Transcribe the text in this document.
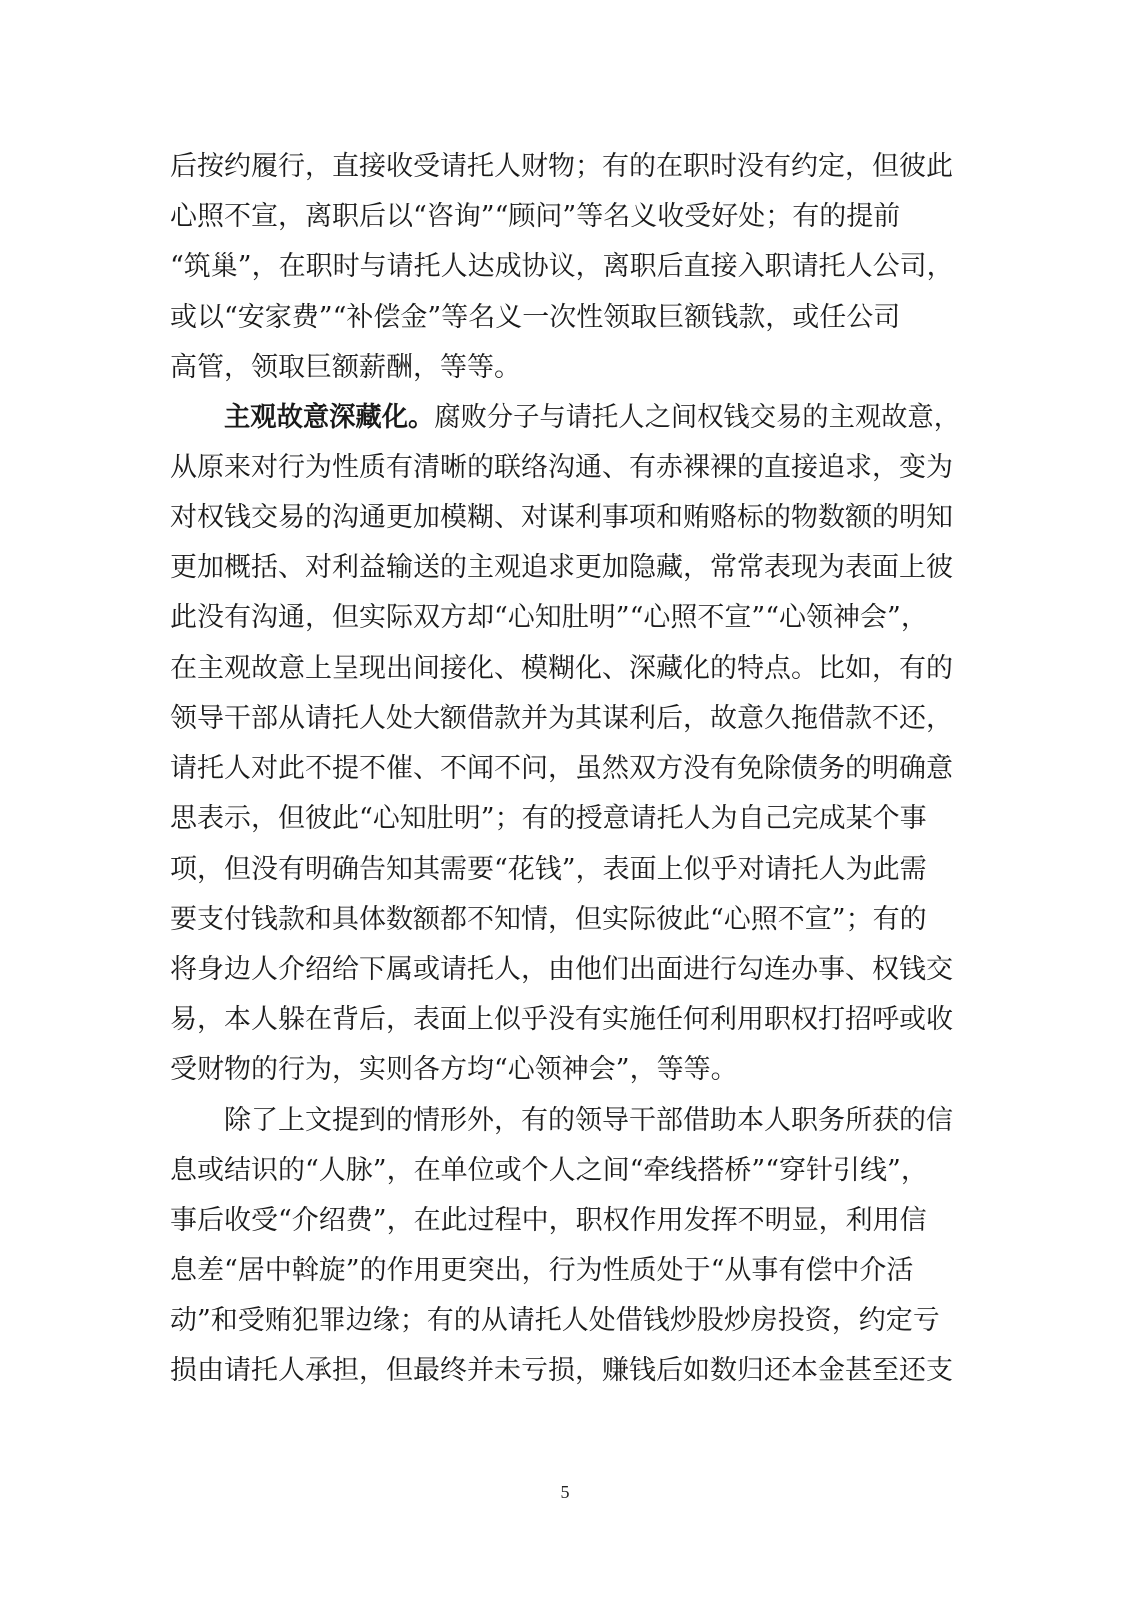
后按约履行，直接收受请托人财物；有的在职时没有约定，但彼此
心照不宣，离职后以“咨询”“顾问”等名义收受好处；有的提前
“筑巢”，在职时与请托人达成协议，离职后直接入职请托人公司，
或以“安家费”“补偿金”等名义一次性领取巨额钱款，或任公司
高管，领取巨额薪酬，等等。
主观故意深藏化。腐败分子与请托人之间权钱交易的主观故意，
从原来对行为性质有清晰的联络沟通、有赤裸裸的直接追求，变为
对权钱交易的沟通更加模糊、对谋利事项和贿赂标的物数额的明知
更加概括、对利益输送的主观追求更加隐藏，常常表现为表面上彼
此没有沟通，但实际双方却“心知肚明”“心照不宣”“心领神会”，
在主观故意上呈现出间接化、模糊化、深藏化的特点。比如，有的
领导干部从请托人处大额借款并为其谋利后，故意久拖借款不还，
请托人对此不提不催、不闻不问，虽然双方没有免除债务的明确意
思表示，但彼此“心知肚明”；有的授意请托人为自己完成某个事
项，但没有明确告知其需要“花钱”，表面上似乎对请托人为此需
要支付钱款和具体数额都不知情，但实际彼此“心照不宣”；有的
将身边人介绍给下属或请托人，由他们出面进行勾连办事、权钱交
易，本人躲在背后，表面上似乎没有实施任何利用职权打招呼或收
受财物的行为，实则各方均“心领神会”，等等。
除了上文提到的情形外，有的领导干部借助本人职务所获的信
息或结识的“人脉”，在单位或个人之间“牵线搭桥”“穿针引线”，
事后收受“介绍费”，在此过程中，职权作用发挥不明显，利用信
息差“居中斡旋”的作用更突出，行为性质处于“从事有偿中介活
动”和受贿犯罪边缘；有的从请托人处借钱炒股炒房投资，约定亏
损由请托人承担，但最终并未亏损，赚钱后如数归还本金甚至还支
5
